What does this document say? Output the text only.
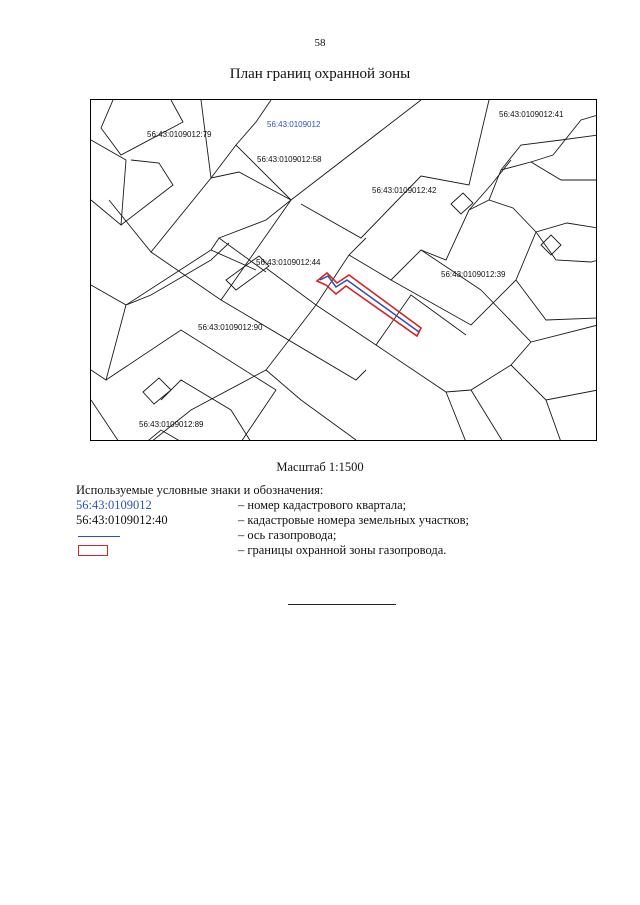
58
План границ охранной зоны
56:43:0109012
56:43:0109012:79
56:43:0109012:58
56:43:0109012:41
56:43:0109012:42
56:43:0109012:44
56:43:0109012:39
56:43:0109012:90
56:43:0109012:89
Масштаб 1:1500
Используемые условные знаки и обозначения:
56:43:0109012	– номер кадастрового квартала;
56:43:0109012:40	– кадастровые номера земельных участков;
– ось газопровода;
– границы охранной зоны газопровода.
